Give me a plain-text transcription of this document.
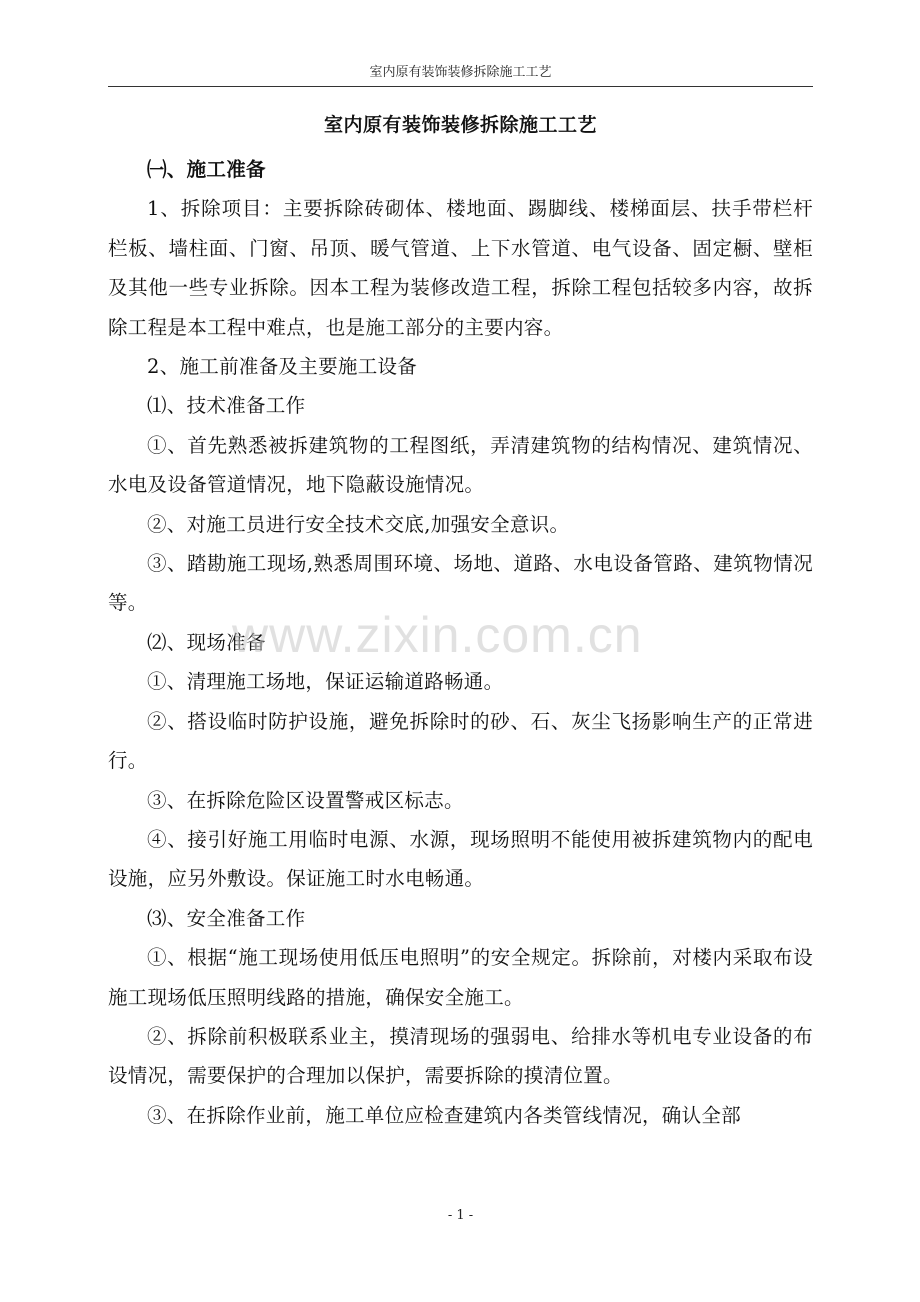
室内原有装饰装修拆除施工工艺
室内原有装饰装修拆除施工工艺

㈠、施工准备

1、拆除项目：主要拆除砖砌体、楼地面、踢脚线、楼梯面层、扶手带栏杆栏板、墙柱面、门窗、吊顶、暖气管道、上下水管道、电气设备、固定橱、壁柜及其他一些专业拆除。因本工程为装修改造工程，拆除工程包括较多内容，故拆除工程是本工程中难点，也是施工部分的主要内容。

2、施工前准备及主要施工设备

⑴、技术准备工作

①、首先熟悉被拆建筑物的工程图纸，弄清建筑物的结构情况、建筑情况、水电及设备管道情况，地下隐蔽设施情况。

②、对施工员进行安全技术交底,加强安全意识。

③、踏勘施工现场,熟悉周围环境、场地、道路、水电设备管路、建筑物情况等。

⑵、现场准备

①、清理施工场地，保证运输道路畅通。

②、搭设临时防护设施，避免拆除时的砂、石、灰尘飞扬影响生产的正常进行。

③、在拆除危险区设置警戒区标志。

④、接引好施工用临时电源、水源，现场照明不能使用被拆建筑物内的配电设施，应另外敷设。保证施工时水电畅通。

⑶、安全准备工作

①、根据“施工现场使用低压电照明”的安全规定。拆除前，对楼内采取布设施工现场低压照明线路的措施，确保安全施工。

②、拆除前积极联系业主，摸清现场的强弱电、给排水等机电专业设备的布设情况，需要保护的合理加以保护，需要拆除的摸清位置。

③、在拆除作业前，施工单位应检查建筑内各类管线情况，确认全部

www.zixin.com.cn
- 1 -
